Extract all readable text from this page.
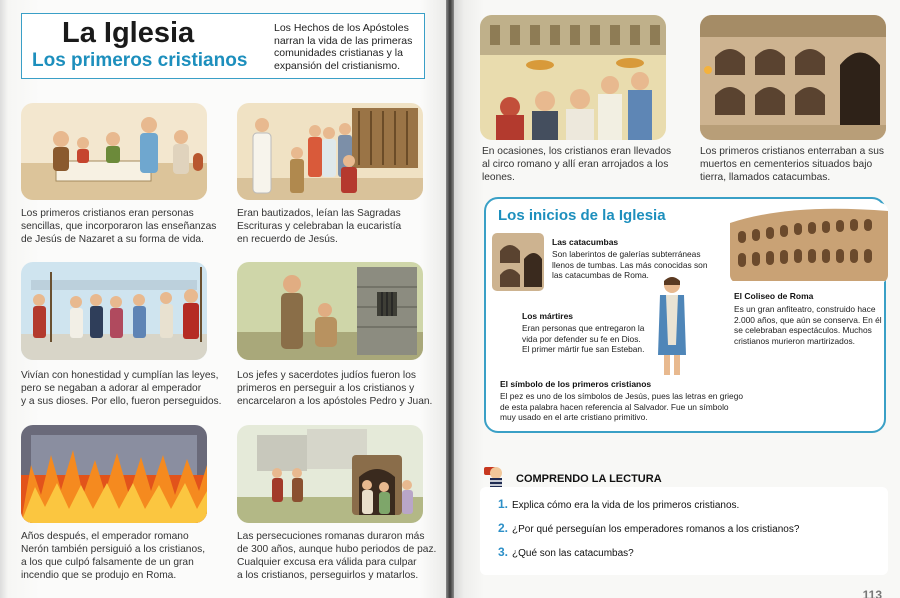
La Iglesia
Los primeros cristianos
Los Hechos de los Apóstoles narran la vida de las primeras comunidades cristianas y la expansión del cristianismo.
Los primeros cristianos eran personas
sencillas, que incorporaron las enseñanzas
de Jesús de Nazaret a su forma de vida.
Eran bautizados, leían las Sagradas
Escrituras y celebraban la eucaristía
en recuerdo de Jesús.
Vivían con honestidad y cumplían las leyes,
pero se negaban a adorar al emperador
y a sus dioses. Por ello, fueron perseguidos.
Los jefes y sacerdotes judíos fueron los
primeros en perseguir a los cristianos y
encarcelaron a los apóstoles Pedro y Juan.
Años después, el emperador romano
Nerón también persiguió a los cristianos,
a los que culpó falsamente de un gran
incendio que se produjo en Roma.
Las persecuciones romanas duraron más
de 300 años, aunque hubo periodos de paz.
Cualquier excusa era válida para culpar
a los cristianos, perseguirlos y matarlos.
En ocasiones, los cristianos eran llevados
al circo romano y allí eran arrojados a los
leones.
Los primeros cristianos enterraban a sus
muertos en cementerios situados bajo
tierra, llamados catacumbas.
Los inicios de la Iglesia
Las catacumbas
Son laberintos de galerías subterráneas
llenos de tumbas. Las más conocidas son
las catacumbas de Roma.
El Coliseo de Roma
Es un gran anfiteatro, construido hace
2.000 años, que aún se conserva. En él
se celebraban espectáculos. Muchos
cristianos murieron martirizados.
Los mártires
Eran personas que entregaron la
vida por defender su fe en Dios.
El primer mártir fue san Esteban.
El símbolo de los primeros cristianos
El pez es uno de los símbolos de Jesús, pues las letras en griego
de esta palabra hacen referencia al Salvador. Fue un símbolo
muy usado en el arte cristiano primitivo.
COMPRENDO LA LECTURA
1. Explica cómo era la vida de los primeros cristianos.
2. ¿Por qué perseguían los emperadores romanos a los cristianos?
3. ¿Qué son las catacumbas?
113
